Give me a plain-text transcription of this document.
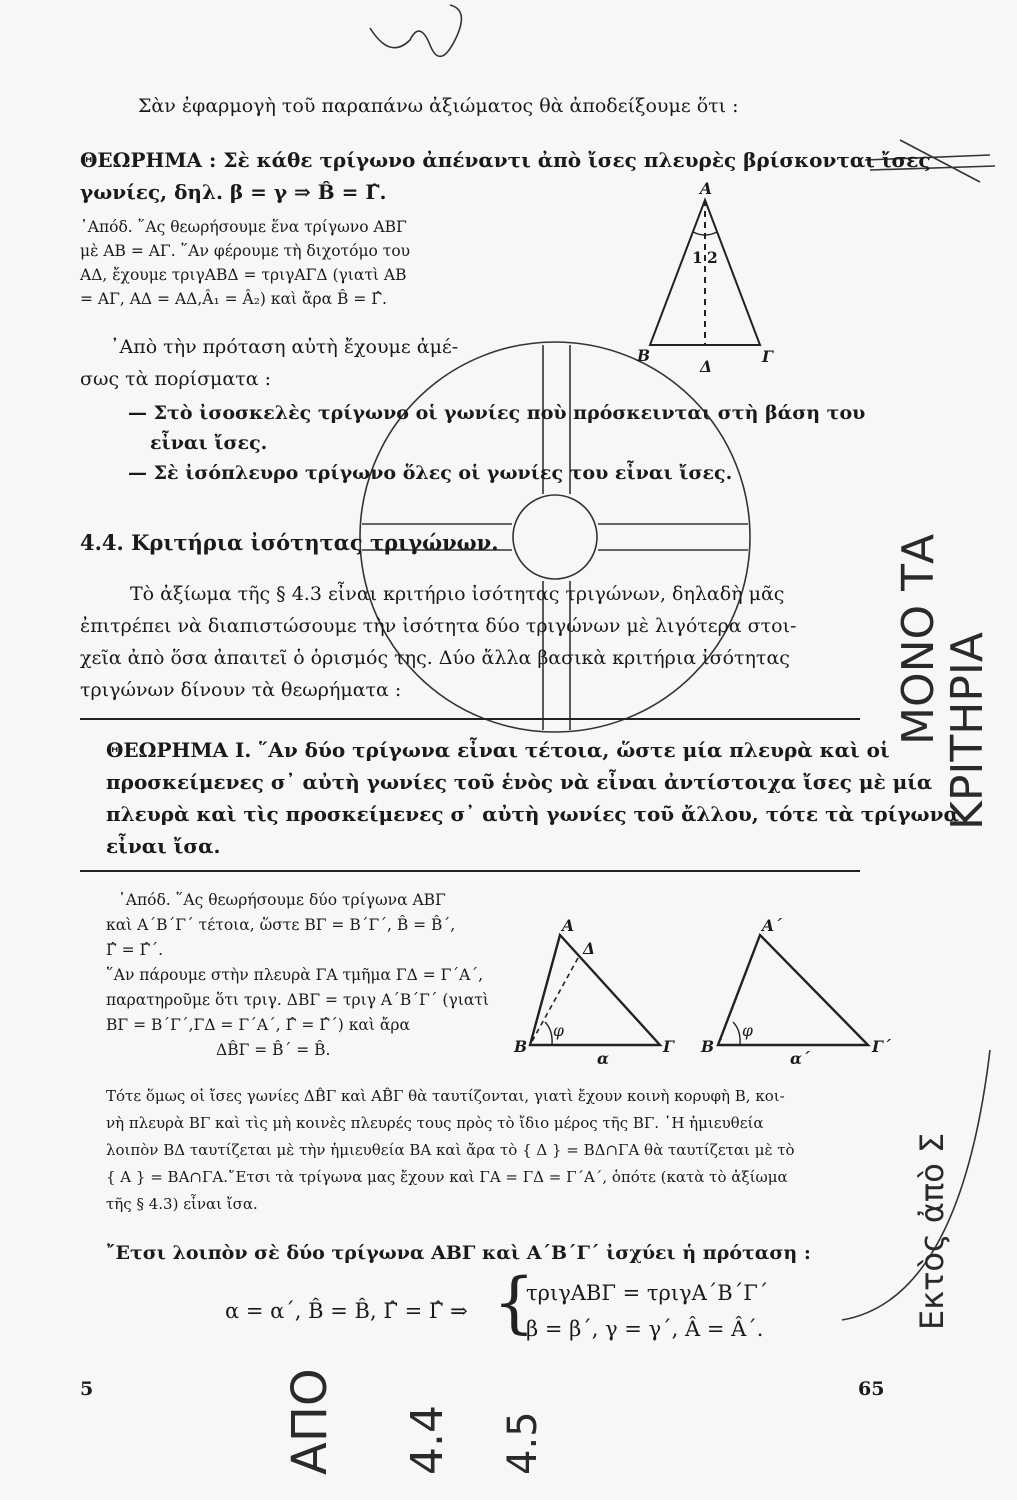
Σὰν ἐφαρμογὴ τοῦ παραπάνω ἀξιώματος θὰ ἀποδείξουμε ὅτι :
ΘΕΩΡΗΜΑ : Σὲ κάθε τρίγωνο ἀπέναντι ἀπὸ ἴσες πλευρὲς βρίσκονται ἴσες
γωνίες, δηλ. β = γ ⇒ B̂ = Γ̂.	A
1 2
B
Δ
Γ
᾿Απόδ. ῞Ας θεωρήσουμε ἕνα τρίγωνο ΑΒΓ
μὲ ΑΒ = ΑΓ. ῞Αν φέρουμε τὴ διχοτόμο του
ΑΔ, ἔχουμε τριγΑΒΔ = τριγΑΓΔ (γιατὶ ΑΒ
= ΑΓ, ΑΔ = ΑΔ,Â₁ = Â₂) καὶ ἄρα B̂ = Γ̂.
᾿Απὸ τὴν πρόταση αὐτὴ ἔχουμε ἀμέ-
σως τὰ πορίσματα :
— Στὸ ἰσοσκελὲς τρίγωνο οἱ γωνίες ποὺ πρόσκεινται στὴ βάση του
εἶναι ἴσες.
— Σὲ ἰσόπλευρο τρίγωνο ὅλες οἱ γωνίες του εἶναι ἴσες.
4.4. Κριτήρια ἰσότητας τριγώνων.
Τὸ ἀξίωμα τῆς § 4.3 εἶναι κριτήριο ἰσότητας τριγώνων, δηλαδὴ μᾶς
ἐπιτρέπει νὰ διαπιστώσουμε τὴν ἰσότητα δύο τριγώνων μὲ λιγότερα στοι-
χεῖα ἀπὸ ὅσα ἀπαιτεῖ ὁ ὁρισμός της. Δύο ἄλλα βασικὰ κριτήρια ἰσότητας
τριγώνων δίνουν τὰ θεωρήματα :
ΘΕΩΡΗΜΑ Ι. ῞Αν δύο τρίγωνα εἶναι τέτοια, ὥστε μία πλευρὰ καὶ οἱ
προσκείμενες σ᾿ αὐτὴ γωνίες τοῦ ἑνὸς νὰ εἶναι ἀντίστοιχα ἴσες μὲ μία
πλευρὰ καὶ τὶς προσκείμενες σ᾿ αὐτὴ γωνίες τοῦ ἄλλου, τότε τὰ τρίγωνα
εἶναι ἴσα.
᾿Απόδ. ῞Ας θεωρήσουμε δύο τρίγωνα ΑΒΓ
καὶ Α΄Β΄Γ΄ τέτοια, ὥστε ΒΓ = Β΄Γ΄, B̂ = B̂΄,
Γ̂ = Γ̂΄.
῞Αν πάρουμε στὴν πλευρὰ ΓΑ τμῆμα ΓΔ = Γ΄Α΄,
παρατηροῦμε ὅτι τριγ. ΔΒΓ = τριγ Α΄Β΄Γ΄ (γιατὶ
ΒΓ = Β΄Γ΄,ΓΔ = Γ΄Α΄, Γ̂ = Γ̂΄) καὶ ἄρα
ΔB̂Γ = B̂΄ = B̂.
A
Δ
B	Γ
α
φ
A΄
B΄	Γ΄
α΄
φ
Τότε ὅμως οἱ ἴσες γωνίες ΔB̂Γ καὶ AB̂Γ θὰ ταυτίζονται, γιατὶ ἔχουν κοινὴ κορυφὴ Β, κοι-
νὴ πλευρὰ ΒΓ καὶ τὶς μὴ κοινὲς πλευρές τους πρὸς τὸ ἴδιο μέρος τῆς ΒΓ. ῾Η ἡμιευθεία
λοιπὸν ΒΔ ταυτίζεται μὲ τὴν ἡμιευθεία ΒΑ καὶ ἄρα τὸ { Δ } = ΒΔ∩ΓΑ θὰ ταυτίζεται μὲ τὸ
{ Α } = ΒΑ∩ΓΑ.῎Ετσι τὰ τρίγωνα μας ἔχουν καὶ ΓΑ = ΓΔ = Γ΄Α΄, ὁπότε (κατὰ τὸ ἀξίωμα
τῆς § 4.3) εἶναι ἴσα.
῎Ετσι λοιπὸν σὲ δύο τρίγωνα ΑΒΓ καὶ Α΄Β΄Γ΄ ἰσχύει ἡ πρόταση :
α = α΄, B̂ = B̂, Γ̂ = Γ̂ ⇒ {
τριγΑΒΓ = τριγΑ΄Β΄Γ΄
β = β΄, γ = γ΄, Â = Â΄.
5	65
ΜΟΝΟ ΤΑ
ΚΡΙΤΗΡΙΑ
Εκτὸς ἀπὸ Σ
ΑΠΟ 4.4 4.5
